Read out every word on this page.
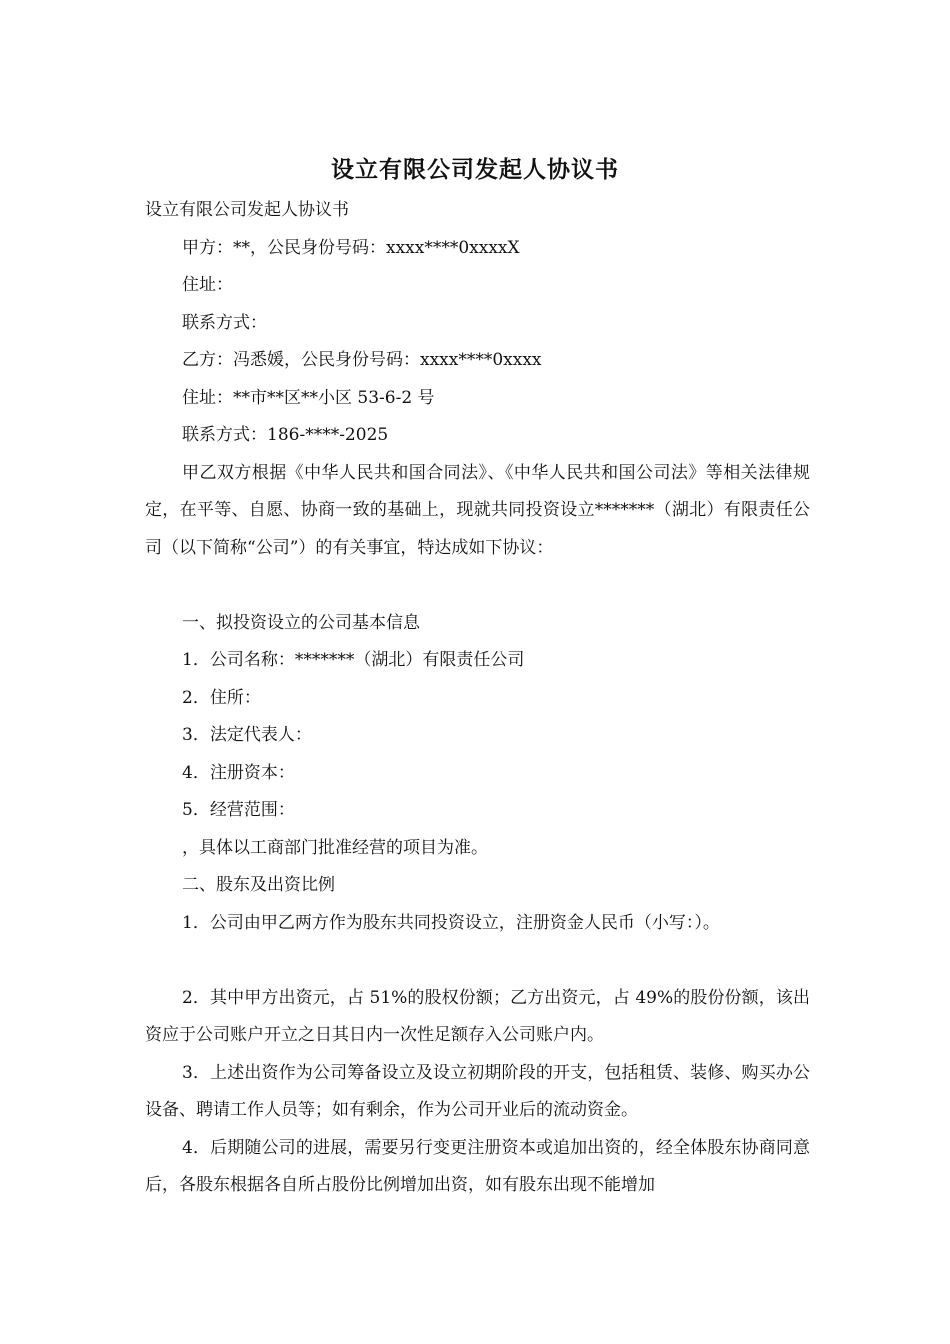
设立有限公司发起人协议书

设立有限公司发起人协议书

甲方：**，公民身份号码：xxxx****0xxxxX

住址：

联系方式：

乙方：冯悉媛，公民身份号码：xxxx****0xxxx

住址：**市**区**小区 53-6-2 号

联系方式：186-****-2025

甲乙双方根据《中华人民共和国合同法》、《中华人民共和国公司法》等相关法律规定，在平等、自愿、协商一致的基础上，现就共同投资设立*******（湖北）有限责任公司（以下简称“公司”）的有关事宜，特达成如下协议：

一、拟投资设立的公司基本信息

1．公司名称：*******（湖北）有限责任公司

2．住所：

3．法定代表人：

4．注册资本：

5．经营范围：

，具体以工商部门批准经营的项目为准。

二、股东及出资比例

1．公司由甲乙两方作为股东共同投资设立，注册资金人民币（小写：）。

2．其中甲方出资元，占 51%的股权份额；乙方出资元，占 49%的股份份额，该出资应于公司账户开立之日其日内一次性足额存入公司账户内。

3．上述出资作为公司筹备设立及设立初期阶段的开支，包括租赁、装修、购买办公设备、聘请工作人员等；如有剩余，作为公司开业后的流动资金。

4．后期随公司的进展，需要另行变更注册资本或追加出资的，经全体股东协商同意后，各股东根据各自所占股份比例增加出资，如有股东出现不能增加
